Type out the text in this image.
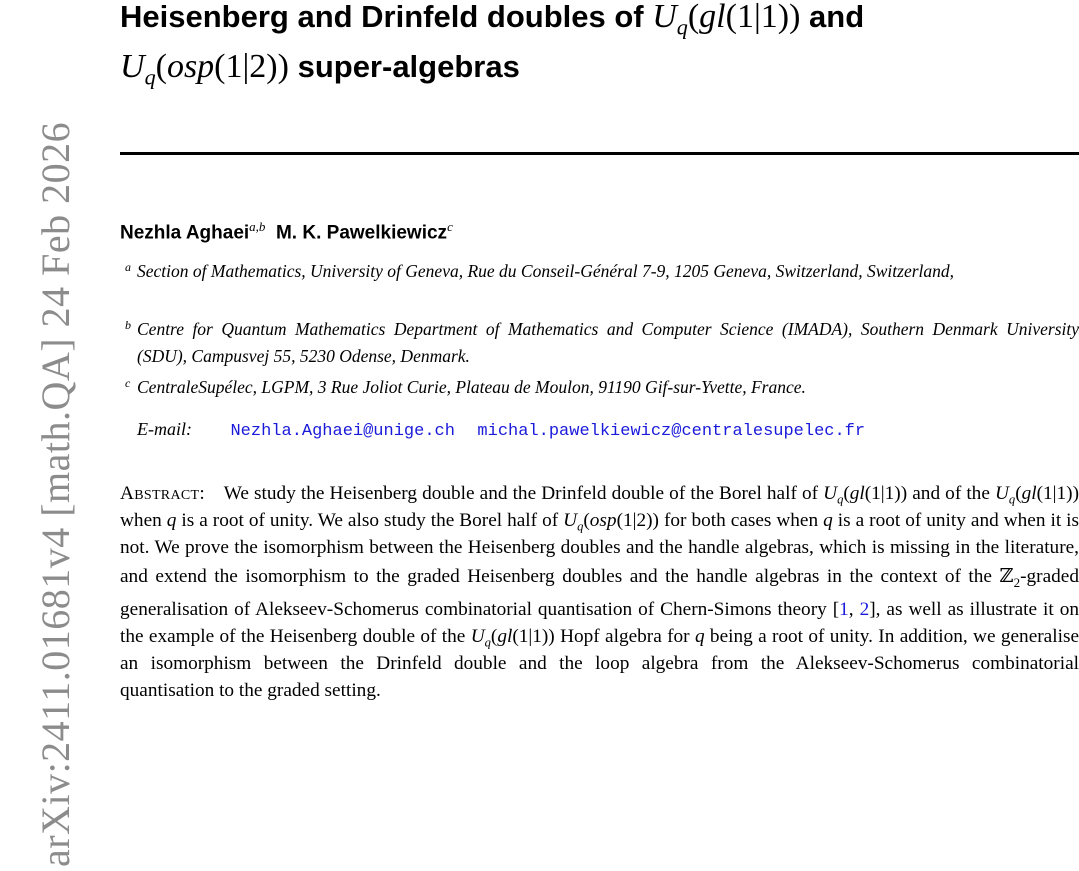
arXiv:2411.01681v4 [math.QA] 24 Feb 2026
Heisenberg and Drinfeld doubles of $U_q(gl(1|1))$ and
$U_q(osp(1|2))$ super-algebras
Nezhla Aghaei$^{a,b}$ M. K. Pawelkiewicz$^c$
a Section of Mathematics, University of Geneva, Rue du Conseil-Général 7-9, 1205 Geneva, Switzerland, Switzerland,
b Centre for Quantum Mathematics Department of Mathematics and Computer Science (IMADA), Southern Denmark University (SDU), Campusvej 55, 5230 Odense, Denmark.
c CentraleSupélec, LGPM, 3 Rue Joliot Curie, Plateau de Moulon, 91190 Gif-sur-Yvette, France.
E-mail: Nezhla.Aghaei@unige.ch michal.pawelkiewicz@centralesupelec.fr
Abstract: We study the Heisenberg double and the Drinfeld double of the Borel half of $U_q(gl(1|1))$ and of the $U_q(gl(1|1))$ when q is a root of unity. We also study the Borel half of $U_q(osp(1|2))$ for both cases when q is a root of unity and when it is not. We prove the isomorphism between the Heisenberg doubles and the handle algebras, which is missing in the literature, and extend the isomorphism to the graded Heisenberg doubles and the handle algebras in the context of the ℤ$_2$-graded generalisation of Alekseev-Schomerus combinatorial quantisation of Chern-Simons theory [1, 2], as well as illustrate it on the example of the Heisenberg double of the $U_q(gl(1|1))$ Hopf algebra for q being a root of unity. In addition, we generalise an isomorphism between the Drinfeld double and the loop algebra from the Alekseev-Schomerus combinatorial quantisation to the graded setting.
